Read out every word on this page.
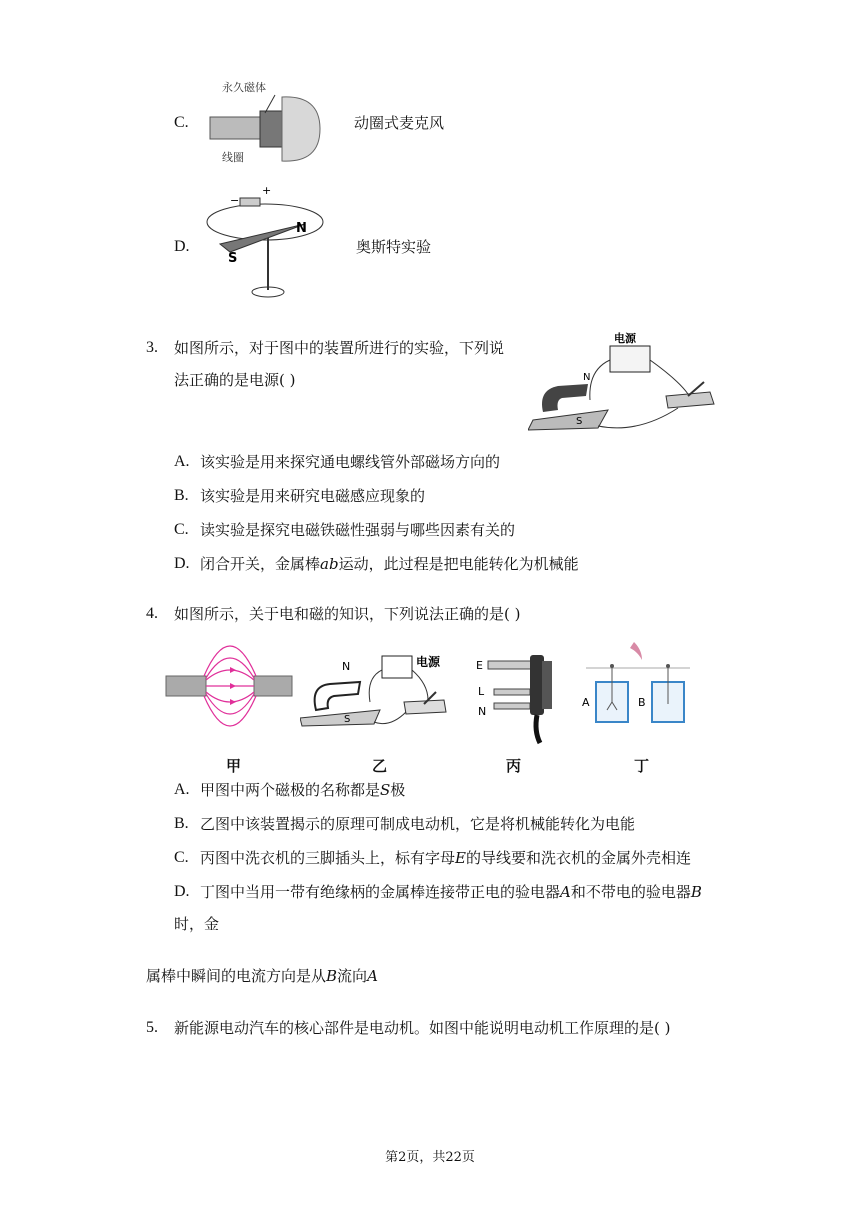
C.
永久磁体
线圈
动圈式麦克风
D.
−
+
N
S
奥斯特实验
3. 如图所示，对于图中的装置所进行的实验，下列说
法正确的是电源( )
电源
N
S
A. 该实验是用来探究通电螺线管外部磁场方向的
B. 该实验是用来研究电磁感应现象的
C. 读实验是探究电磁铁磁性强弱与哪些因素有关的
D. 闭合开关，金属棒ab运动，此过程是把电能转化为机械能
4. 如图所示，关于电和磁的知识，下列说法正确的是( )
甲
N	电源
S
乙
E
L
N
丙
A	B
丁
A. 甲图中两个磁极的名称都是S极
B. 乙图中该装置揭示的原理可制成电动机，它是将机械能转化为电能
C. 丙图中洗衣机的三脚插头上，标有字母E的导线要和洗衣机的金属外壳相连
D. 丁图中当用一带有绝缘柄的金属棒连接带正电的验电器A和不带电的验电器B
时，金
属棒中瞬间的电流方向是从B流向A
5. 新能源电动汽车的核心部件是电动机。如图中能说明电动机工作原理的是( )
第2页，共22页
